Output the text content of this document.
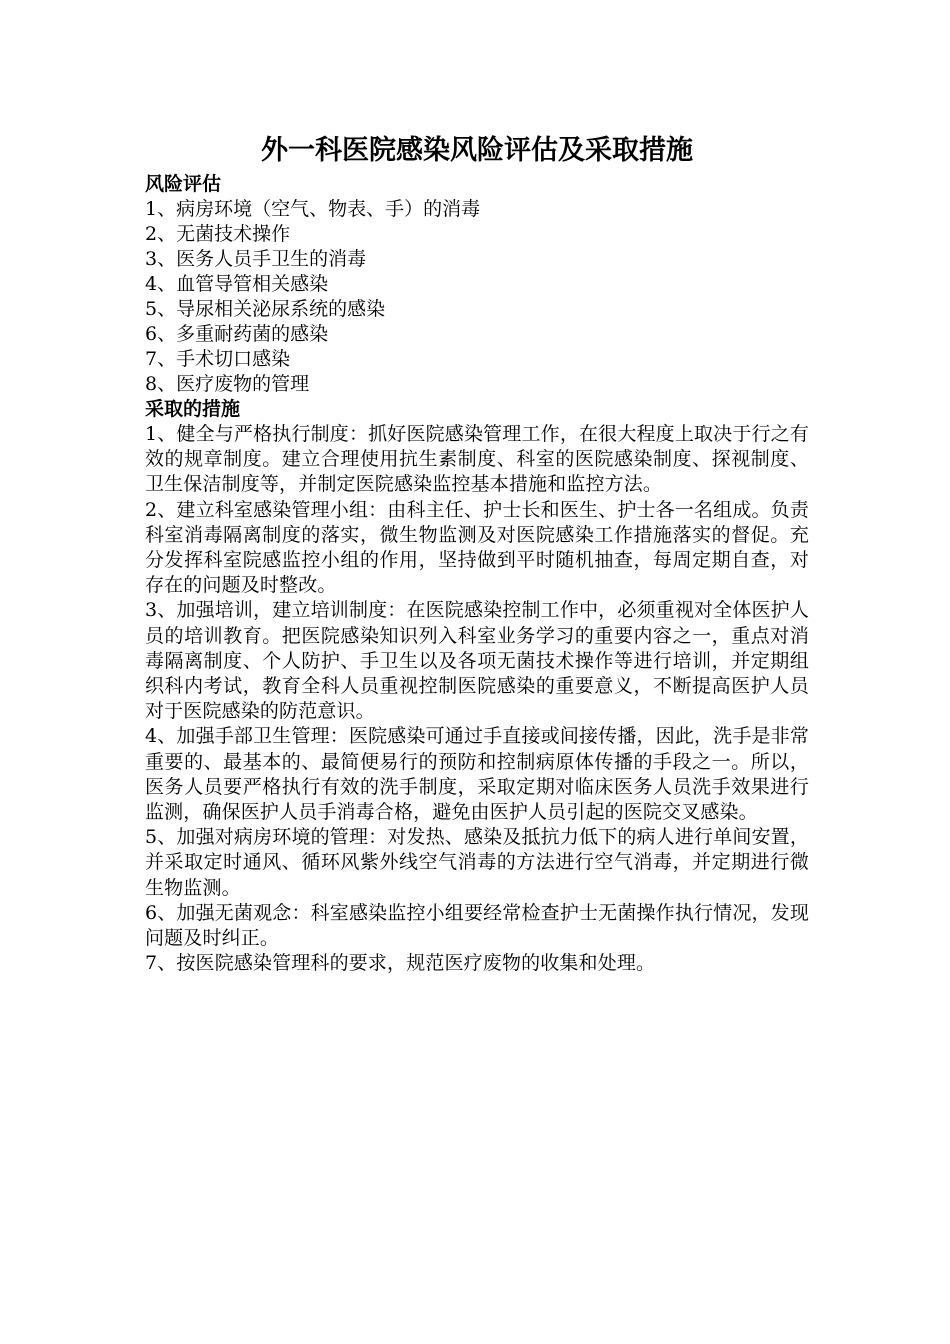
外一科医院感染风险评估及采取措施
风险评估
1、病房环境（空气、物表、手）的消毒
2、无菌技术操作
3、医务人员手卫生的消毒
4、血管导管相关感染
5、导尿相关泌尿系统的感染
6、多重耐药菌的感染
7、手术切口感染
8、医疗废物的管理
采取的措施
1、健全与严格执行制度：抓好医院感染管理工作，在很大程度上取决于行之有效的规章制度。建立合理使用抗生素制度、科室的医院感染制度、探视制度、卫生保洁制度等，并制定医院感染监控基本措施和监控方法。
2、建立科室感染管理小组：由科主任、护士长和医生、护士各一名组成。负责科室消毒隔离制度的落实，微生物监测及对医院感染工作措施落实的督促。充分发挥科室院感监控小组的作用，坚持做到平时随机抽查，每周定期自查，对存在的问题及时整改。
3、加强培训，建立培训制度：在医院感染控制工作中，必须重视对全体医护人员的培训教育。把医院感染知识列入科室业务学习的重要内容之一，重点对消毒隔离制度、个人防护、手卫生以及各项无菌技术操作等进行培训，并定期组织科内考试，教育全科人员重视控制医院感染的重要意义，不断提高医护人员对于医院感染的防范意识。
4、加强手部卫生管理：医院感染可通过手直接或间接传播，因此，洗手是非常重要的、最基本的、最简便易行的预防和控制病原体传播的手段之一。所以，医务人员要严格执行有效的洗手制度，采取定期对临床医务人员洗手效果进行监测，确保医护人员手消毒合格，避免由医护人员引起的医院交叉感染。
5、加强对病房环境的管理：对发热、感染及抵抗力低下的病人进行单间安置，并采取定时通风、循环风紫外线空气消毒的方法进行空气消毒，并定期进行微生物监测。
6、加强无菌观念：科室感染监控小组要经常检查护士无菌操作执行情况，发现问题及时纠正。
7、按医院感染管理科的要求，规范医疗废物的收集和处理。
